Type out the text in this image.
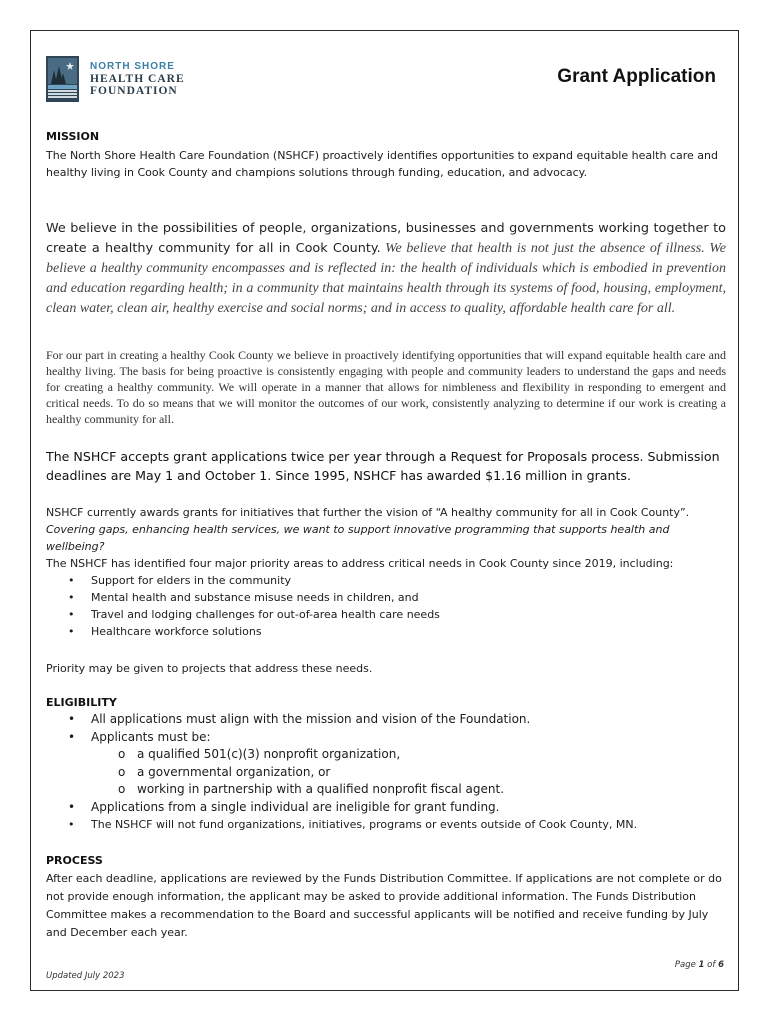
NORTH SHORE
HEALTH CARE
FOUNDATION
Grant Application
MISSION
The North Shore Health Care Foundation (NSHCF) proactively identifies opportunities to expand equitable health care and healthy living in Cook County and champions solutions through funding, education, and advocacy.
We believe in the possibilities of people, organizations, businesses and governments working together to create a healthy community for all in Cook County. We believe that health is not just the absence of illness. We believe a healthy community encompasses and is reflected in: the health of individuals which is embodied in prevention and education regarding health; in a community that maintains health through its systems of food, housing, employment, clean water, clean air, healthy exercise and social norms; and in access to quality, affordable health care for all.
For our part in creating a healthy Cook County we believe in proactively identifying opportunities that will expand equitable health care and healthy living. The basis for being proactive is consistently engaging with people and community leaders to understand the gaps and needs for creating a healthy community. We will operate in a manner that allows for nimbleness and flexibility in responding to emergent and critical needs. To do so means that we will monitor the outcomes of our work, consistently analyzing to determine if our work is creating a healthy community for all.
The NSHCF accepts grant applications twice per year through a Request for Proposals process. Submission deadlines are May 1 and October 1. Since 1995, NSHCF has awarded $1.16 million in grants.
NSHCF currently awards grants for initiatives that further the vision of “A healthy community for all in Cook County”.
Covering gaps, enhancing health services, we want to support innovative programming that supports health and wellbeing?
The NSHCF has identified four major priority areas to address critical needs in Cook County since 2019, including:
• Support for elders in the community
• Mental health and substance misuse needs in children, and
• Travel and lodging challenges for out-of-area health care needs
• Healthcare workforce solutions
Priority may be given to projects that address these needs.
ELIGIBILITY
• All applications must align with the mission and vision of the Foundation.
• Applicants must be:
o a qualified 501(c)(3) nonprofit organization,
o a governmental organization, or
o working in partnership with a qualified nonprofit fiscal agent.
• Applications from a single individual are ineligible for grant funding.
• The NSHCF will not fund organizations, initiatives, programs or events outside of Cook County, MN.
PROCESS
After each deadline, applications are reviewed by the Funds Distribution Committee. If applications are not complete or do not provide enough information, the applicant may be asked to provide additional information. The Funds Distribution Committee makes a recommendation to the Board and successful applicants will be notified and receive funding by July and December each year.
Page 1 of 6
Updated July 2023
